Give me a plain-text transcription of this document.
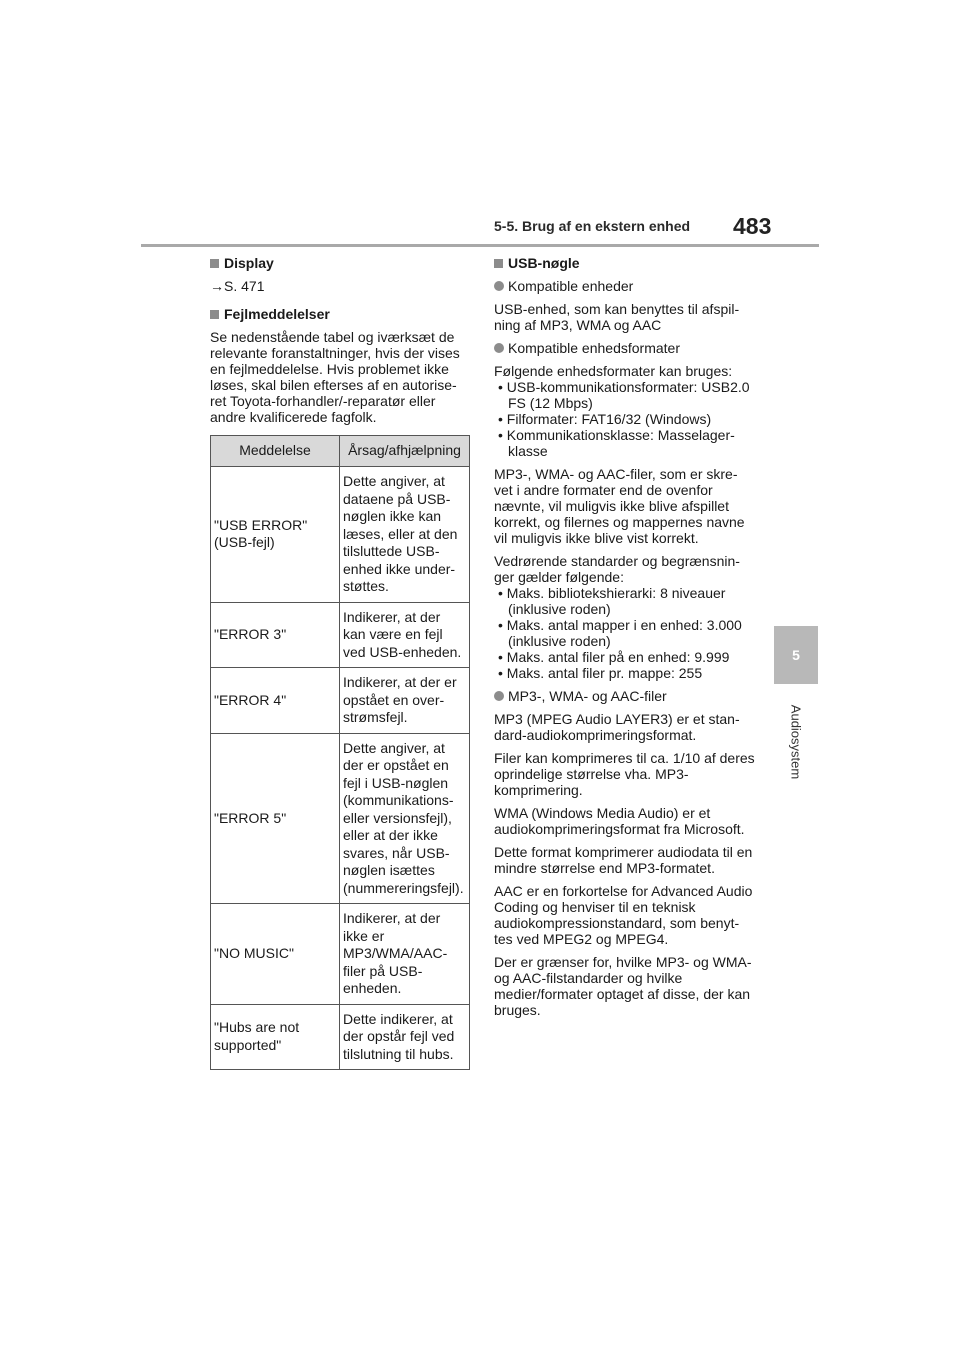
5-5. Brug af en ekstern enhed 483
5
Audiosystem
Display
→S. 471
Fejlmeddelelser
Se nedenstående tabel og iværksæt de relevante foranstaltninger, hvis der vises en fejlmeddelelse. Hvis problemet ikke løses, skal bilen efterses af en autorise-ret Toyota-forhandler/-reparatør eller andre kvalificerede fagfolk.
Meddelelse	Årsag/afhjælpning
"USB ERROR" (USB-fejl)	Dette angiver, at dataene på USB-nøglen ikke kan læses, eller at den tilsluttede USB-enhed ikke under-støttes.
"ERROR 3"	Indikerer, at der kan være en fejl ved USB-enheden.
"ERROR 4"	Indikerer, at der er opstået en over-strømsfejl.
"ERROR 5"	Dette angiver, at der er opstået en fejl i USB-nøglen (kommunikations-eller versionsfejl), eller at der ikke svares, når USB-nøglen isættes (nummereringsfejl).
"NO MUSIC"	Indikerer, at der ikke er MP3/WMA/AAC-filer på USB-enheden.
"Hubs are not supported"	Dette indikerer, at der opstår fejl ved tilslutning til hubs.
USB-nøgle
Kompatible enheder
USB-enhed, som kan benyttes til afspil-ning af MP3, WMA og AAC
Kompatible enhedsformater
Følgende enhedsformater kan bruges:
• USB-kommunikationsformater: USB2.0 FS (12 Mbps)
• Filformater: FAT16/32 (Windows)
• Kommunikationsklasse: Masselager-klasse
MP3-, WMA- og AAC-filer, som er skre-vet i andre formater end de ovenfor nævnte, vil muligvis ikke blive afspillet korrekt, og filernes og mappernes navne vil muligvis ikke blive vist korrekt.
Vedrørende standarder og begrænsnin-ger gælder følgende:
• Maks. bibliotekshierarki: 8 niveauer (inklusive roden)
• Maks. antal mapper i en enhed: 3.000 (inklusive roden)
• Maks. antal filer på en enhed: 9.999
• Maks. antal filer pr. mappe: 255
MP3-, WMA- og AAC-filer
MP3 (MPEG Audio LAYER3) er et stan-dard-audiokomprimeringsformat.
Filer kan komprimeres til ca. 1/10 af deres oprindelige størrelse vha. MP3-komprimering.
WMA (Windows Media Audio) er et audiokomprimeringsformat fra Microsoft.
Dette format komprimerer audiodata til en mindre størrelse end MP3-formatet.
AAC er en forkortelse for Advanced Audio Coding og henviser til en teknisk audiokompressionstandard, som benyt-tes ved MPEG2 og MPEG4.
Der er grænser for, hvilke MP3- og WMA- og AAC-filstandarder og hvilke medier/formater optaget af disse, der kan bruges.
